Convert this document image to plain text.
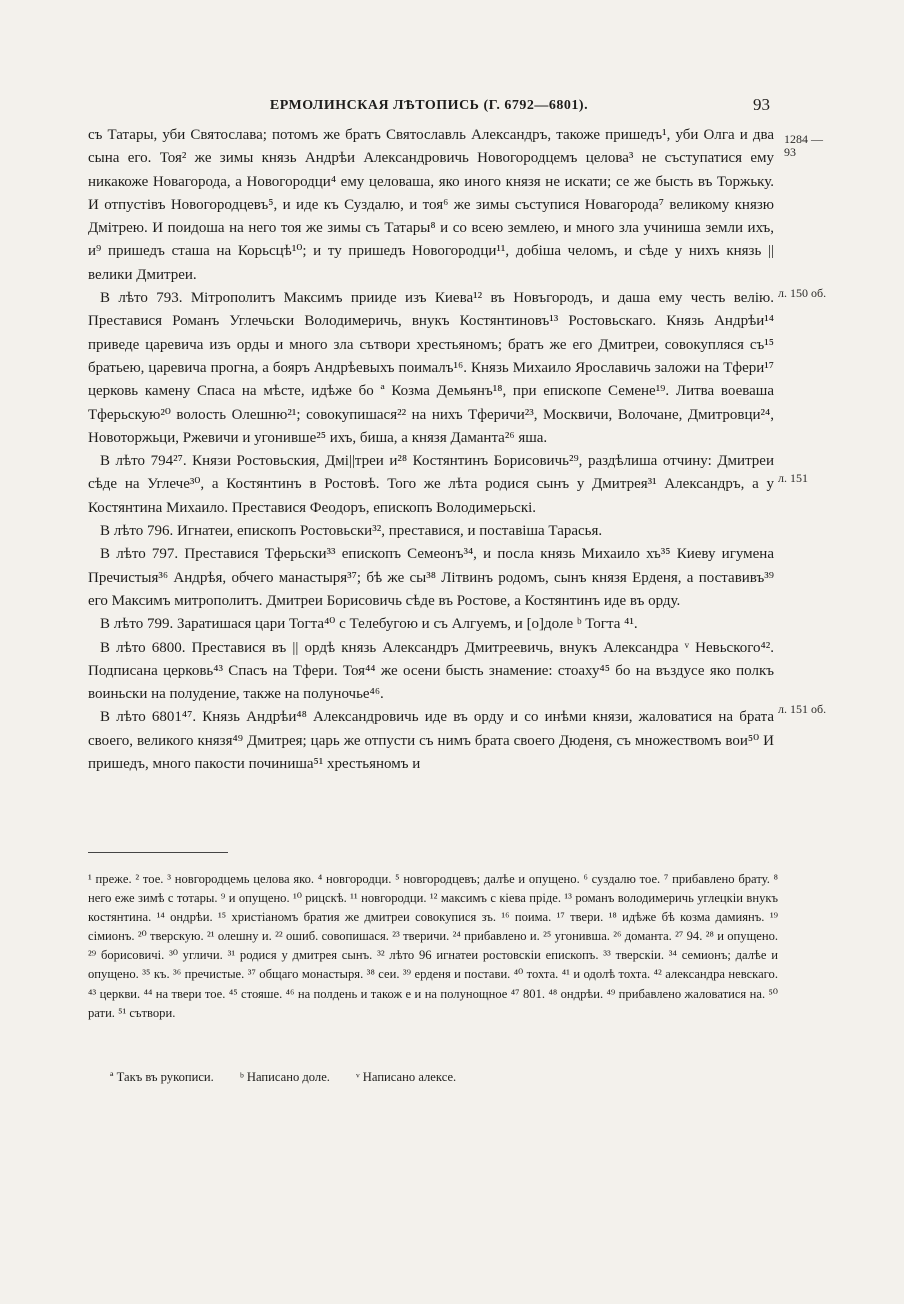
ЕРМОЛИНСКАЯ ЛѢТОПИСЬ (Г. 6792—6801).	93
1284 —93
л. 150 об.
л. 151
л. 151 об.

съ Татары, уби Святослава; потомъ же братъ Святославль Александръ, такоже пришедъ¹, уби Олга и два сына его. Тоя² же зимы князь Андрѣи Александровичь Новогородцемъ целова³ не съступатися ему никакоже Новагорода, а Новогородци⁴ ему целоваша, яко иного князя не искати; се же бысть въ Торжьку. И отпустівъ Новогородцевъ⁵, и иде къ Суздалю, и тоя⁶ же зимы съступися Новагорода⁷ великому князю Дмітрею. И поидоша на него тоя же зимы съ Татары⁸ и со всею землею, и много зла учиниша земли ихъ, и⁹ пришедъ сташа на Корьсцѣ¹⁰; и ту пришедъ Новогородци¹¹, добіша челомъ, и сѣде у нихъ князь || велики Дмитреи.

В лѣто 793. Мітрополитъ Максимъ прииде изъ Киева¹² въ Новъгородъ, и даша ему честь велію. Преставися Романъ Углечьски Володимеричь, внукъ Костянтиновъ¹³ Ростовьскаго. Князь Андрѣи¹⁴ приведе царевича изъ орды и много зла сътвори хрестьяномъ; братъ же его Дмитреи, совокупляся съ¹⁵ братьею, царевича прогна, а бояръ Андрѣевыхъ поималъ¹⁶. Князь Михаило Ярославичь заложи на Тфери¹⁷ церковь камену Спаса на мѣсте, идѣже бо ª Козма Демьянъ¹⁸, при епископе Семене¹⁹. Литва воеваша Тферьскую²⁰ волость Олешню²¹; совокупишася²² на нихъ Тферичи²³, Москвичи, Волочане, Дмитровци²⁴, Новоторжьци, Ржевичи и угонивше²⁵ ихъ, биша, а князя Даманта²⁶ яша.

В лѣто 794²⁷. Князи Ростовьския, Дмі||треи и²⁸ Костянтинъ Борисовичь²⁹, раздѣлиша отчину: Дмитреи сѣде на Углече³⁰, а Костянтинъ в Ростовѣ. Того же лѣта родися сынъ у Дмитрея³¹ Александръ, а у Костянтина Михаило. Преставися Феодоръ, епископъ Володимерьскі.

В лѣто 796. Игнатеи, епископъ Ростовьски³², преставися, и поставіша Тарасья.

В лѣто 797. Преставися Тферьски³³ епископъ Семеонъ³⁴, и посла князь Михаило хъ³⁵ Киеву игумена Пречистыя³⁶ Андрѣя, обчего манастыря³⁷; бѣ же сы³⁸ Літвинъ родомъ, сынъ князя Ерденя, а поставивъ³⁹ его Максимъ митрополитъ. Дмитреи Борисовичь сѣде въ Ростове, а Костянтинъ иде въ орду.

В лѣто 799. Заратишася цари Тогта⁴⁰ с Телебугою и съ Алгуемъ, и [о]доле ᵇ Тогта ⁴¹.

В лѣто 6800. Преставися въ || ордѣ князь Александръ Дмитреевичь, внукъ Александра ᵛ Невьского⁴². Подписана церковь⁴³ Спасъ на Тфери. Тоя⁴⁴ же осени бысть знамение: стоаху⁴⁵ бо на въздусе яко полкъ воиньски на полудение, также на полуночье⁴⁶.

В лѣто 6801⁴⁷. Князь Андрѣи⁴⁸ Александровичь иде въ орду и со инѣми князи, жаловатися на брата своего, великого князя⁴⁹ Дмитрея; царь же отпусти съ нимъ брата своего Дюденя, съ множествомъ вои⁵⁰ И пришедъ, много пакости починиша⁵¹ хрестьяномъ и

¹ прежe. ² тое. ³ новгородцемь целова яко. ⁴ новгородци. ⁵ новгородцевъ; далѣе и опущено. ⁶ суздалю тое. ⁷ прибавлено брату. ⁸ него еже зимѣ с тотары. ⁹ и опущено. ¹⁰ рицскѣ. ¹¹ новгородци. ¹² максимъ с кіева пріде. ¹³ романъ володимеричь углецкіи внукъ костянтина. ¹⁴ ондрѣи. ¹⁵ христіаномъ братия же дмитреи совокупися зъ. ¹⁶ поима. ¹⁷ твери. ¹⁸ идѣже бѣ козма дамиянъ. ¹⁹ сімионъ. ²⁰ тверскую. ²¹ олешну и. ²² ошиб. совопишася. ²³ твеpичи. ²⁴ прибавлено и. ²⁵ угонивша. ²⁶ доманта. ²⁷ 94. ²⁸ и опущено. ²⁹ борисовичі. ³⁰ угличи. ³¹ родися у дмитрея сынъ. ³² лѣто 96 игнатеи ростовскіи епископъ. ³³ тверскіи. ³⁴ семионъ; далѣе и опущено. ³⁵ къ. ³⁶ пречистые. ³⁷ общаго монастыря. ³⁸ сеи. ³⁹ ерденя и постави. ⁴⁰ тохта. ⁴¹ и одолѣ тохта. ⁴² александра невскаго. ⁴³ церкви. ⁴⁴ на твери тое. ⁴⁵ стояше. ⁴⁶ на полдень и також е и на полунощное ⁴⁷ 801. ⁴⁸ ондрѣи. ⁴⁹ прибавлено жаловатися на. ⁵⁰ рати. ⁵¹ сътвори.
ª Такъ въ рукописи. ᵇ Написано доле. ᵛ Написано алексе.
